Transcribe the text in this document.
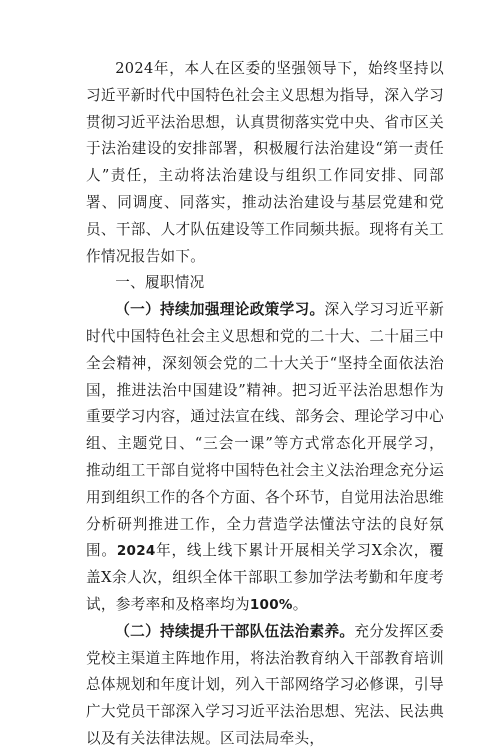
2024年，本人在区委的坚强领导下，始终坚持以习近平新时代中国特色社会主义思想为指导，深入学习贯彻习近平法治思想，认真贯彻落实党中央、省市区关于法治建设的安排部署，积极履行法治建设“第一责任人”责任，主动将法治建设与组织工作同安排、同部署、同调度、同落实，推动法治建设与基层党建和党员、干部、人才队伍建设等工作同频共振。现将有关工作情况报告如下。

一、履职情况

（一）持续加强理论政策学习。深入学习习近平新时代中国特色社会主义思想和党的二十大、二十届三中全会精神，深刻领会党的二十大关于“坚持全面依法治国，推进法治中国建设”精神。把习近平法治思想作为重要学习内容，通过法宣在线、部务会、理论学习中心组、主题党日、“三会一课”等方式常态化开展学习，推动组工干部自觉将中国特色社会主义法治理念充分运用到组织工作的各个方面、各个环节，自觉用法治思维分析研判推进工作，全力营造学法懂法守法的良好氛围。2024年，线上线下累计开展相关学习X余次，覆盖X余人次，组织全体干部职工参加学法考勤和年度考试，参考率和及格率均为100%。

（二）持续提升干部队伍法治素养。充分发挥区委党校主渠道主阵地作用，将法治教育纳入干部教育培训总体规划和年度计划，列入干部网络学习必修课，引导广大党员干部深入学习习近平法治思想、宪法、民法典以及有关法律法规。区司法局牵头，
